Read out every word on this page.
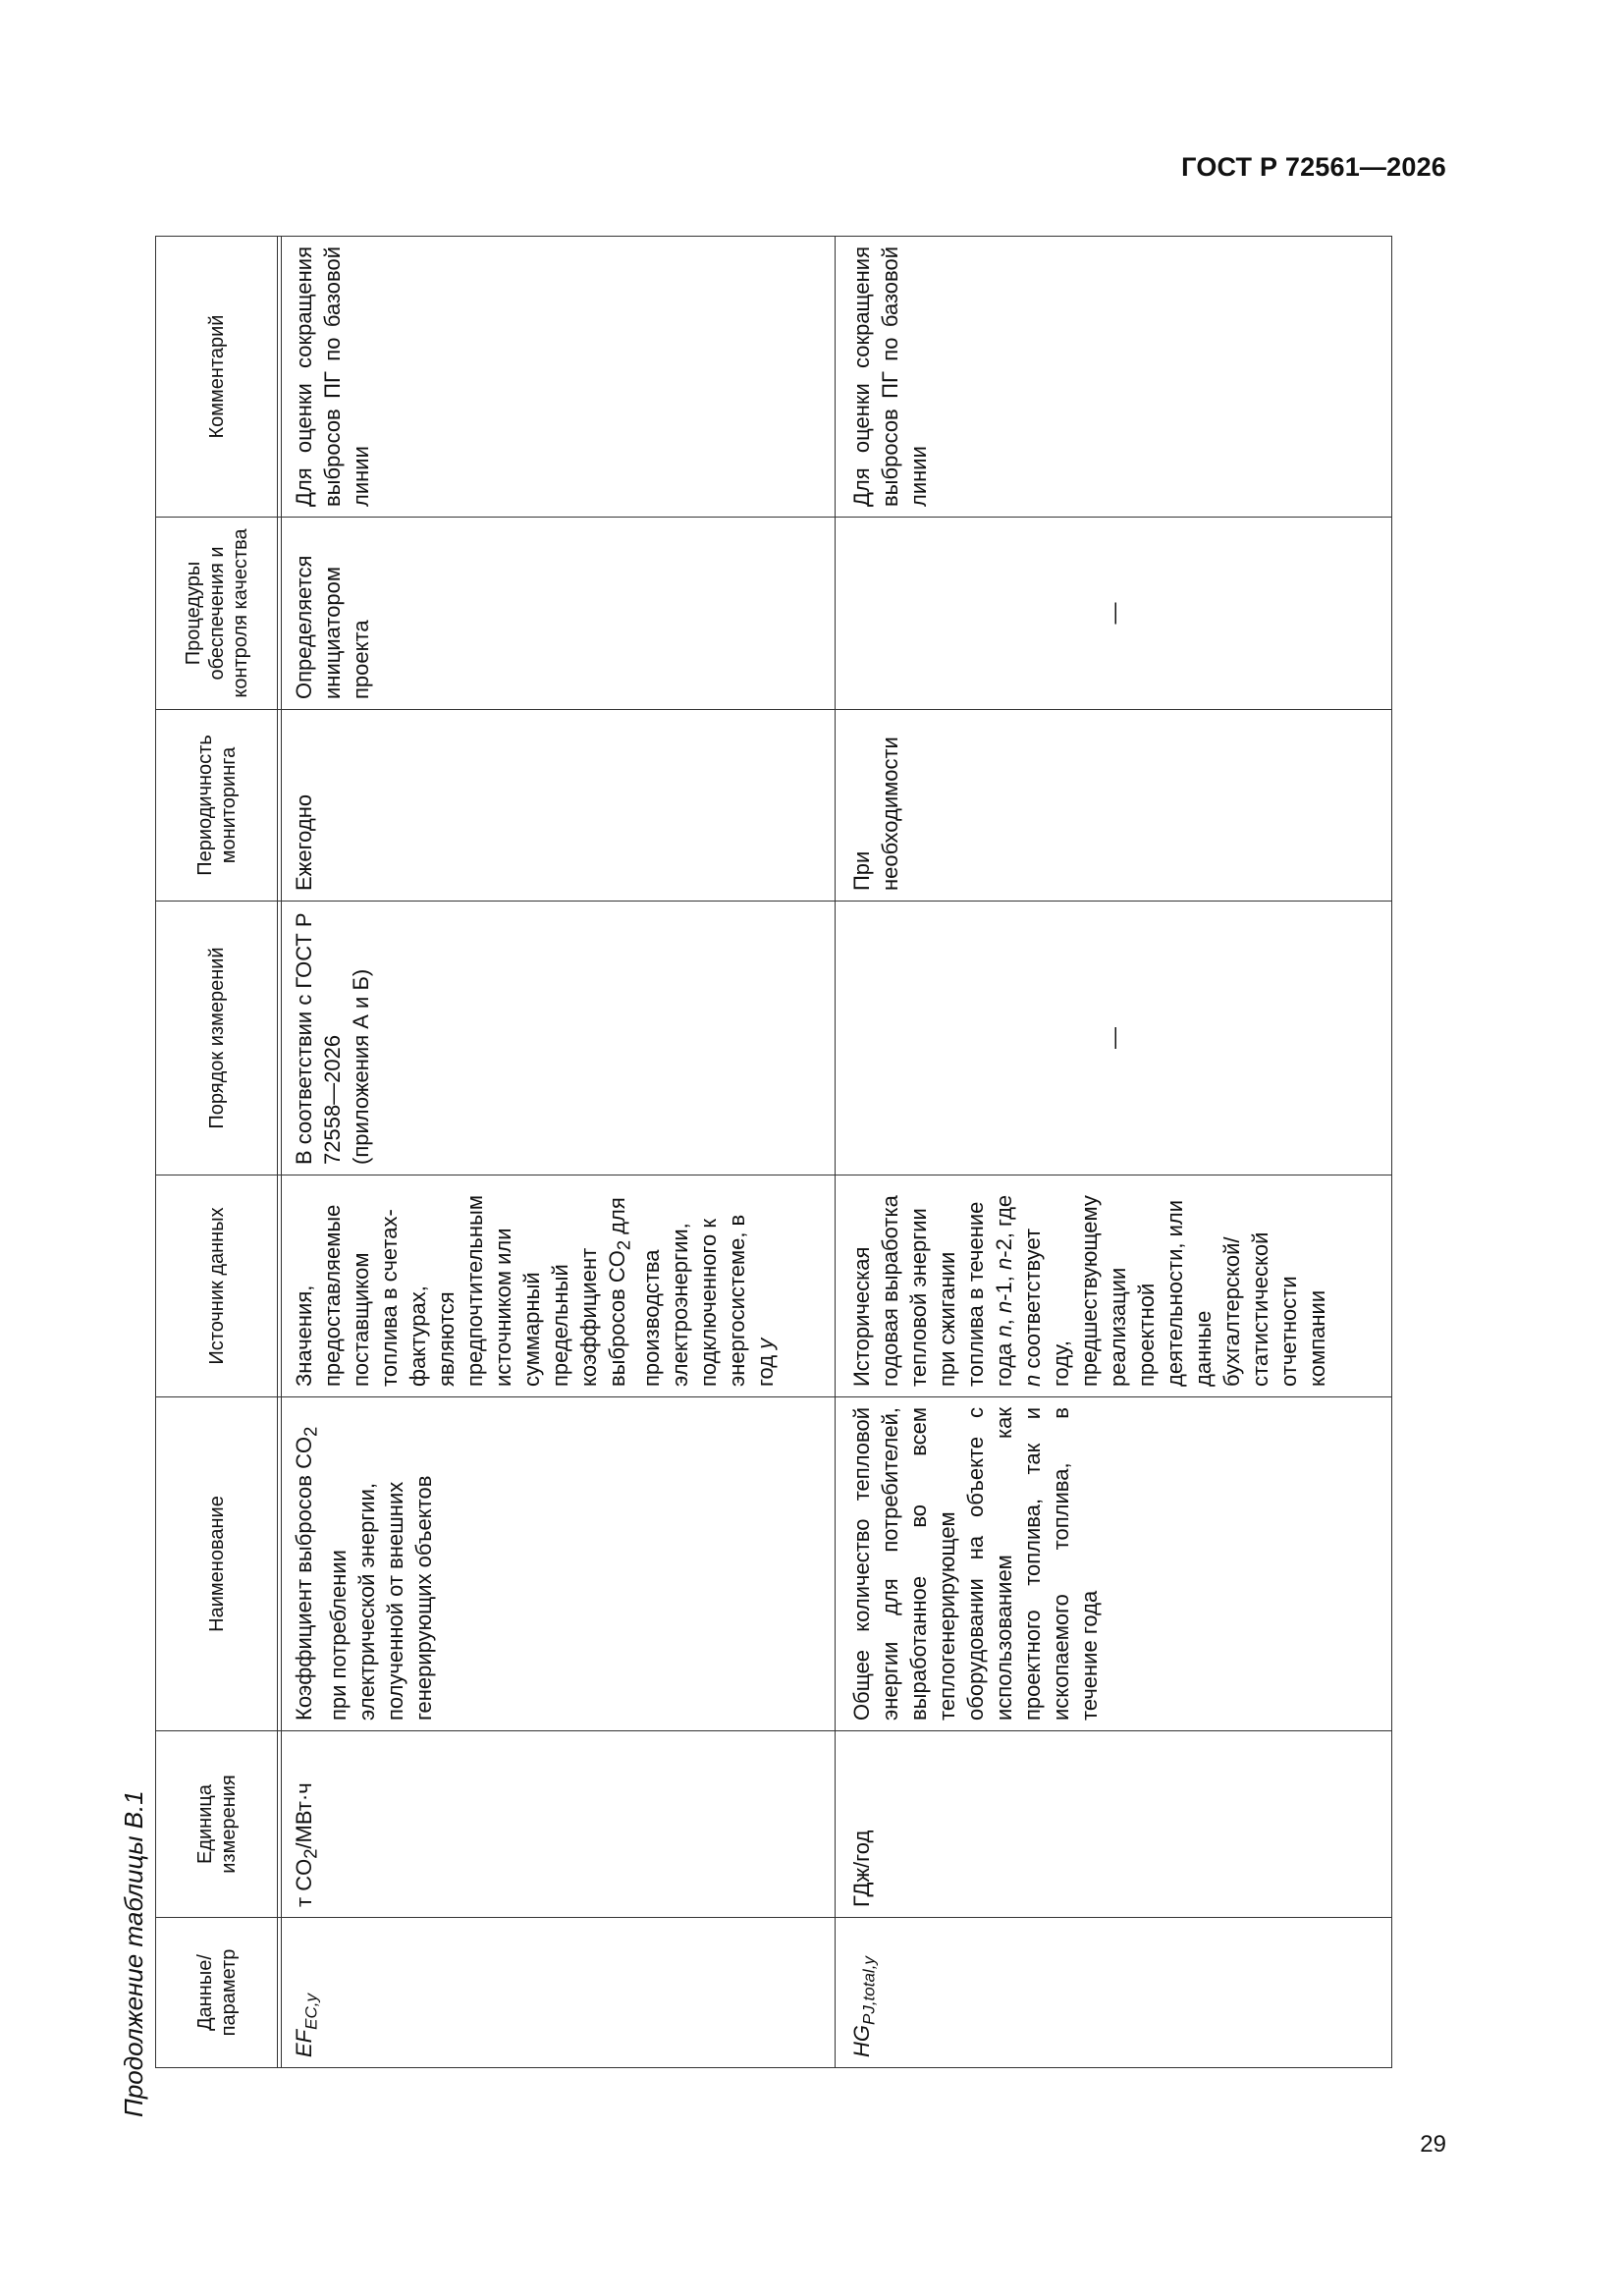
ГОСТ Р 72561—2026
29
Продолжение таблицы В.1 Данные/ параметр	Единица измерения	Наименование	Источник данных	Порядок измерений	Периодичность мониторинга	Процедуры обеспечения и контроля качества	Комментарий
$EF_{EC,y}$	т $CO_2/МВт\cdot ч$	Коэффициент выбросов $CO_2$ при потреблении электрической энергии, полученной от внешних генерирующих объектов	Значения, предоставляемые поставщиком топлива в счетах-фактурах, являются предпочтительным источником или суммарный предельный коэффициент выбросов $CO_2$ для производства электроэнергии, подключенного к энергосистеме, в год y	В соответствии с ГОСТ Р 72558—2026 (приложения А и Б)	Ежегодно	Определяется инициатором проекта	Для оценки сокращения выбросов ПГ по базовой линии
$HG_{PJ,total,y}$	ГДж/год	Общее количество тепловой энергии для потребителей, выработанное во всем теплогенерирующем оборудовании на объекте с использованием как проектного топлива, так и ископаемого топлива, в течение года	Историческая годовая выработка тепловой энергии при сжигании топлива в течение года n, n-1, n-2, где n соответствует году, предшествующему реализации проектной деятельности, или данные бухгалтерской/статистической отчетности компании	—	При необходимости	—	Для оценки сокращения выбросов ПГ по базовой линии
